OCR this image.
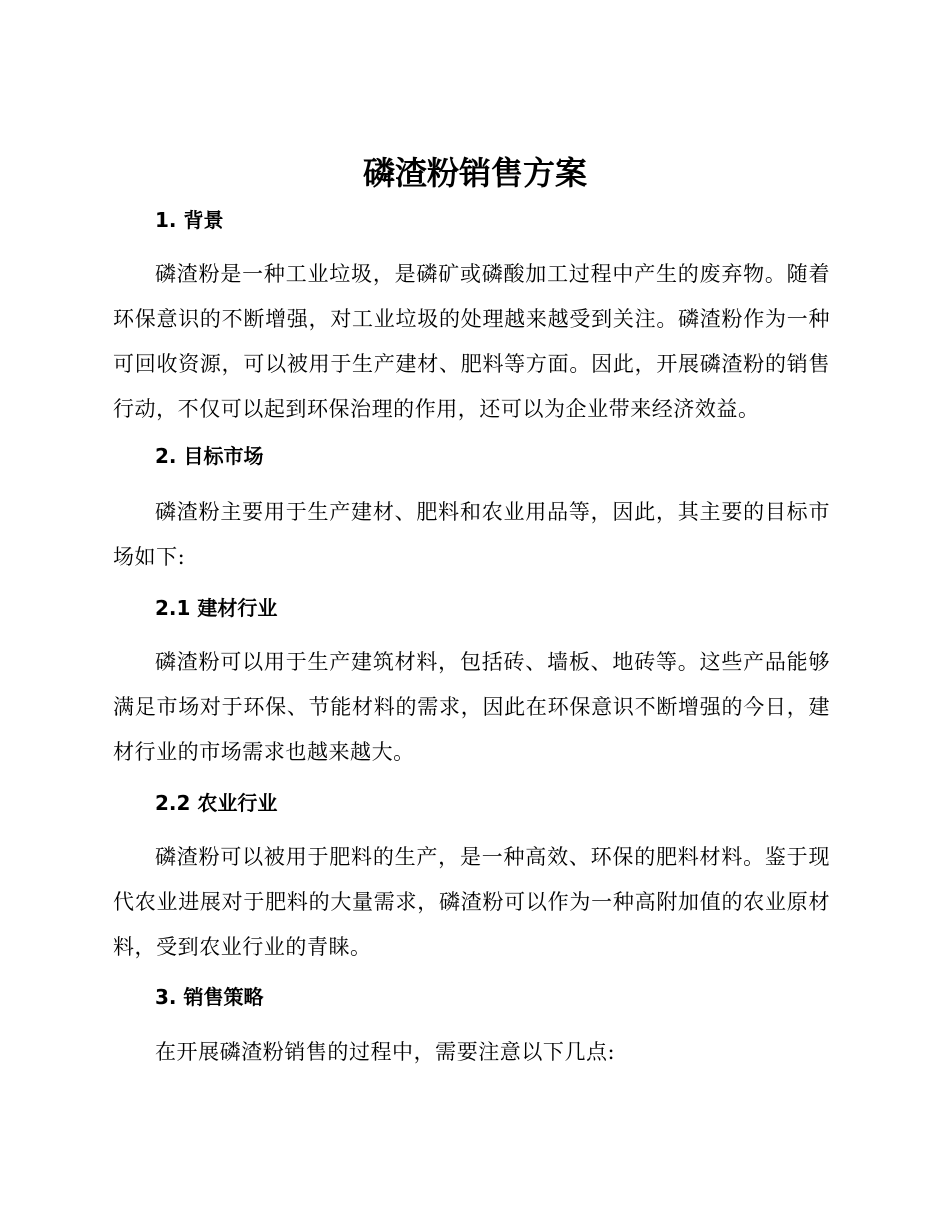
磷渣粉销售方案
1. 背景

磷渣粉是一种工业垃圾，是磷矿或磷酸加工过程中产生的废弃物。随着环保意识的不断增强，对工业垃圾的处理越来越受到关注。磷渣粉作为一种可回收资源，可以被用于生产建材、肥料等方面。因此，开展磷渣粉的销售行动，不仅可以起到环保治理的作用，还可以为企业带来经济效益。

2. 目标市场

磷渣粉主要用于生产建材、肥料和农业用品等，因此，其主要的目标市场如下:

2.1 建材行业

磷渣粉可以用于生产建筑材料，包括砖、墙板、地砖等。这些产品能够满足市场对于环保、节能材料的需求，因此在环保意识不断增强的今日，建材行业的市场需求也越来越大。

2.2 农业行业

磷渣粉可以被用于肥料的生产，是一种高效、环保的肥料材料。鉴于现代农业进展对于肥料的大量需求，磷渣粉可以作为一种高附加值的农业原材料，受到农业行业的青睐。

3. 销售策略

在开展磷渣粉销售的过程中，需要注意以下几点:
